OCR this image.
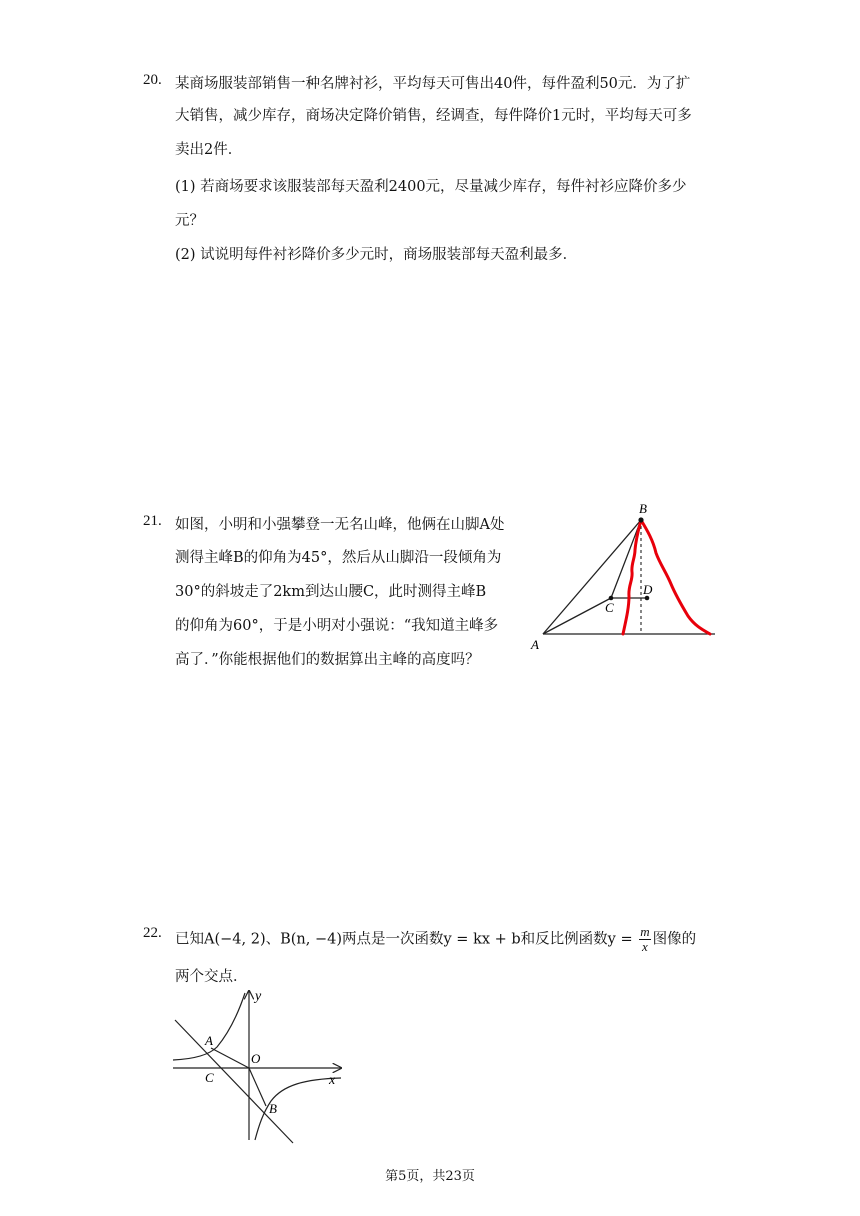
20. 某商场服装部销售一种名牌衬衫，平均每天可售出40件，每件盈利50元．为了扩
大销售，减少库存，商场决定降价销售，经调查，每件降价1元时，平均每天可多
卖出2件．
(1) 若商场要求该服装部每天盈利2400元，尽量减少库存，每件衬衫应降价多少
元？
(2) 试说明每件衬衫降价多少元时，商场服装部每天盈利最多．
21. 如图，小明和小强攀登一无名山峰，他俩在山脚A处
测得主峰B的仰角为45°，然后从山脚沿一段倾角为
30°的斜坡走了2km到达山腰C，此时测得主峰B
的仰角为60°，于是小明对小强说：“我知道主峰多
高了．”你能根据他们的数据算出主峰的高度吗？
B
C
D
A
22. 已知A(−4, 2)、B(n, −4)两点是一次函数y = kx + b和反比例函数$y = \frac{m}{x}$ 图像的
两个交点．
y
x
O
A
C
B
第5页，共23页
